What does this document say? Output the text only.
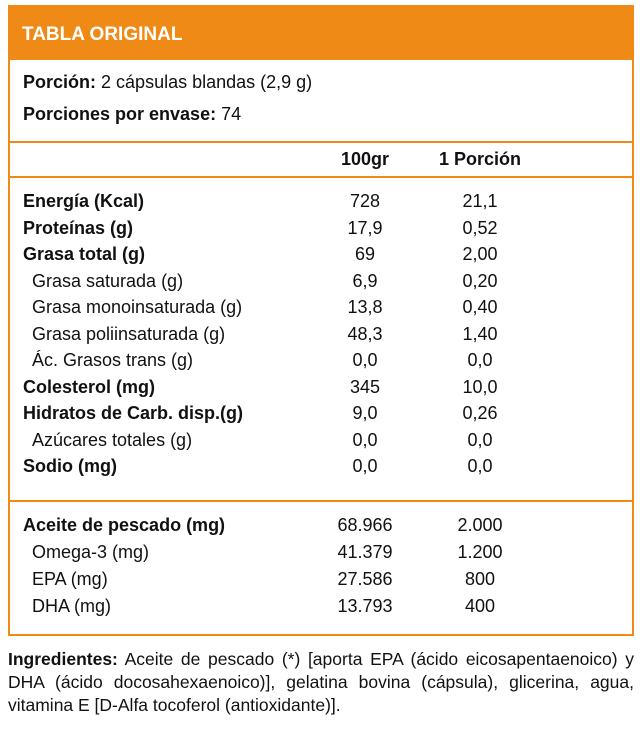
TABLA ORIGINAL
Porción: 2 cápsulas blandas (2,9 g)
Porciones por envase: 74
100gr	1 Porción
Energía (Kcal)	728	21,1
Proteínas (g)	17,9	0,52
Grasa total (g)	69	2,00
Grasa saturada (g)	6,9	0,20
Grasa monoinsaturada (g)	13,8	0,40
Grasa poliinsaturada (g)	48,3	1,40
Ác. Grasos trans (g)	0,0	0,0
Colesterol (mg)	345	10,0
Hidratos de Carb. disp.(g)	9,0	0,26
Azúcares totales (g)	0,0	0,0
Sodio (mg)	0,0	0,0
Aceite de pescado (mg)	68.966	2.000
Omega-3 (mg)	41.379	1.200
EPA (mg)	27.586	800
DHA (mg)	13.793	400
Ingredientes: Aceite de pescado (*) [aporta EPA (ácido eicosapentaenoico) y DHA (ácido docosahexaenoico)], gelatina bovina (cápsula), glicerina, agua, vitamina E [D-Alfa tocoferol (antioxidante)].
